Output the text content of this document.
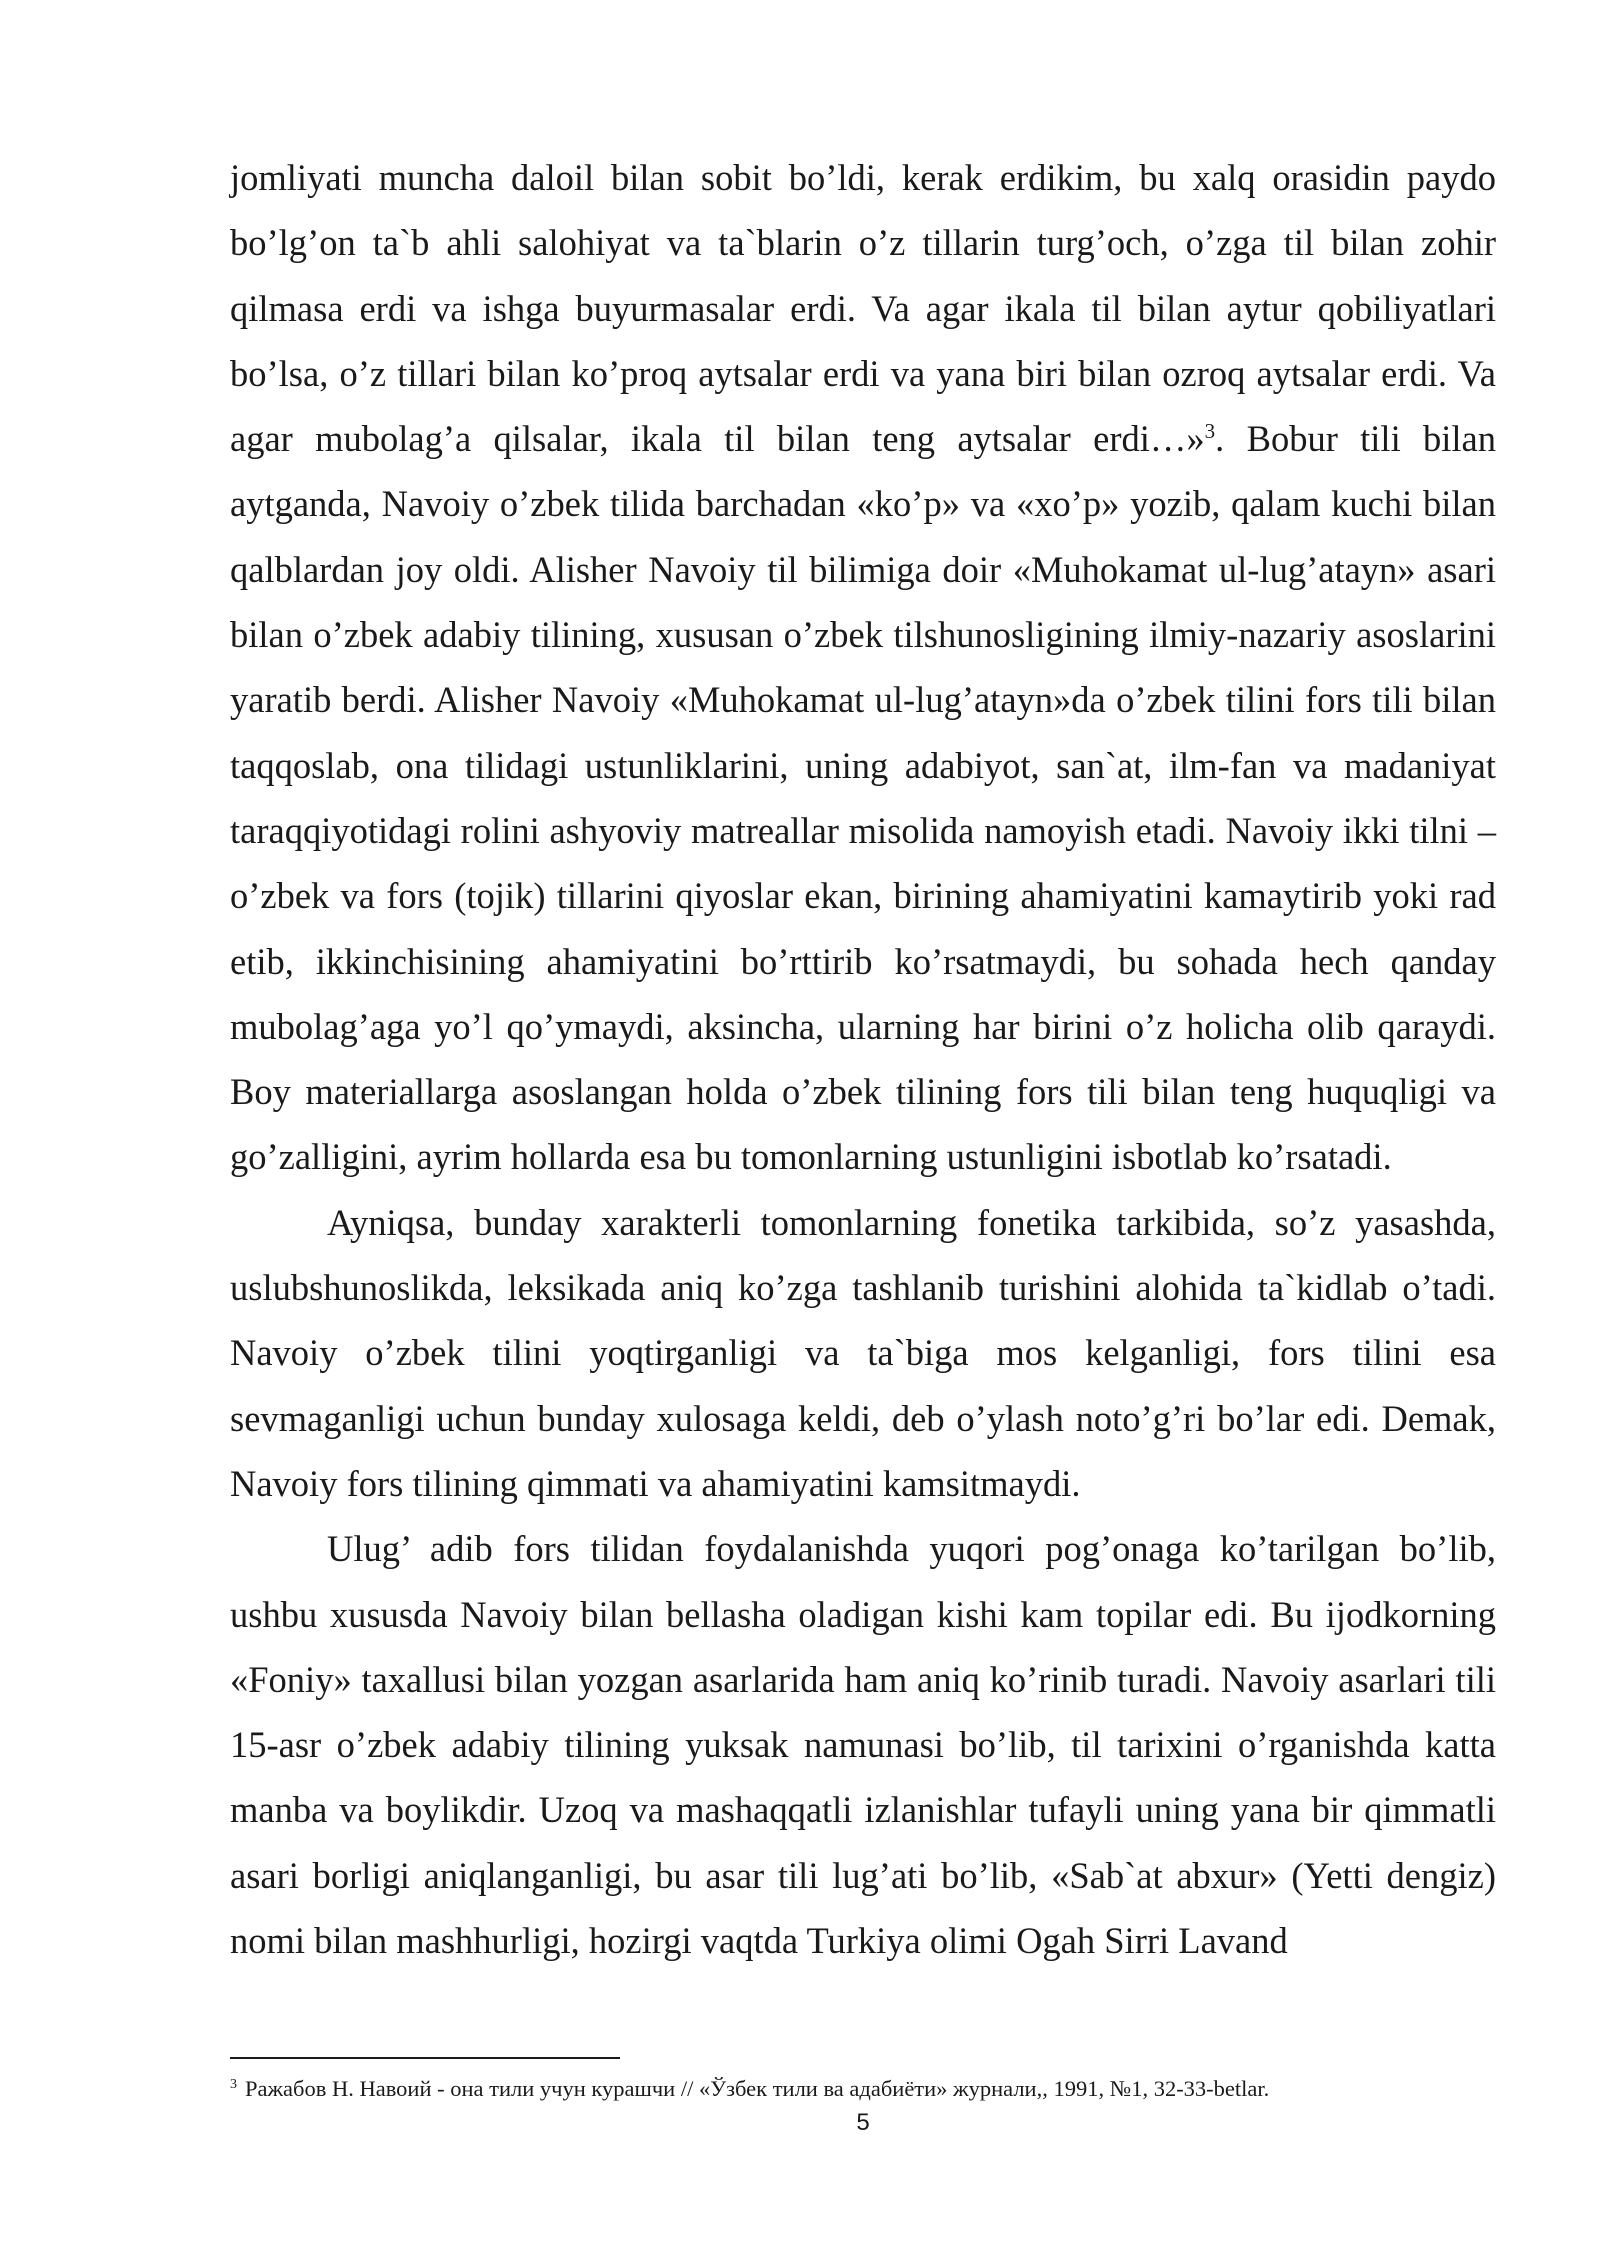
jomliyati muncha daloil bilan sobit bo’ldi, kerak erdikim, bu xalq orasidin paydo bo’lg’on ta`b ahli salohiyat va ta`blarin o’z tillarin turg’och, o’zga til bilan zohir qilmasa erdi va ishga buyurmasalar erdi. Va agar ikala til bilan aytur qobiliyatlari bo’lsa, o’z tillari bilan ko’proq aytsalar erdi va yana biri bilan ozroq aytsalar erdi. Va agar mubolag’a qilsalar, ikala til bilan teng aytsalar erdi…»$^3$. Bobur tili bilan aytganda, Navoiy o’zbek tilida barchadan «ko’p» va «xo’p» yozib, qalam kuchi bilan qalblardan joy oldi. Alisher Navoiy til bilimiga doir «Muhokamat ul-lug’atayn» asari bilan o’zbek adabiy tilining, xususan o’zbek tilshunosligining ilmiy-nazariy asoslarini yaratib berdi. Alisher Navoiy «Muhokamat ul-lug’atayn»da o’zbek tilini fors tili bilan taqqoslab, ona tilidagi ustunliklarini, uning adabiyot, san`at, ilm-fan va madaniyat taraqqiyotidagi rolini ashyoviy matreallar misolida namoyish etadi. Navoiy ikki tilni – o’zbek va fors (tojik) tillarini qiyoslar ekan, birining ahamiyatini kamaytirib yoki rad etib, ikkinchisining ahamiyatini bo’rttirib ko’rsatmaydi, bu sohada hech qanday mubolag’aga yo’l qo’ymaydi, aksincha, ularning har birini o’z holicha olib qaraydi. Boy materiallarga asoslangan holda o’zbek tilining fors tili bilan teng huquqligi va go’zalligini, ayrim hollarda esa bu tomonlarning ustunligini isbotlab ko’rsatadi.

Ayniqsa, bunday xarakterli tomonlarning fonetika tarkibida, so’z yasashda, uslubshunoslikda, leksikada aniq ko’zga tashlanib turishini alohida ta`kidlab o’tadi. Navoiy o’zbek tilini yoqtirganligi va ta`biga mos kelganligi, fors tilini esa sevmaganligi uchun bunday xulosaga keldi, deb o’ylash noto’g’ri bo’lar edi. Demak, Navoiy fors tilining qimmati va ahamiyatini kamsitmaydi.

Ulug’ adib fors tilidan foydalanishda yuqori pog’onaga ko’tarilgan bo’lib, ushbu xususda Navoiy bilan bellasha oladigan kishi kam topilar edi. Bu ijodkorning «Foniy» taxallusi bilan yozgan asarlarida ham aniq ko’rinib turadi. Navoiy asarlari tili 15-asr o’zbek adabiy tilining yuksak namunasi bo’lib, til tarixini o’rganishda katta manba va boylikdir. Uzoq va mashaqqatli izlanishlar tufayli uning yana bir qimmatli asari borligi aniqlanganligi, bu asar tili lug’ati bo’lib, «Sab`at abxur» (Yetti dengiz) nomi bilan mashhurligi, hozirgi vaqtda Turkiya olimi Ogah Sirri Lavand

$^3$ Ражабов Н. Навоий - она тили учун курашчи // «Ўзбек тили ва адабиёти» журнали,, 1991, №1, 32-33-betlar.
5
